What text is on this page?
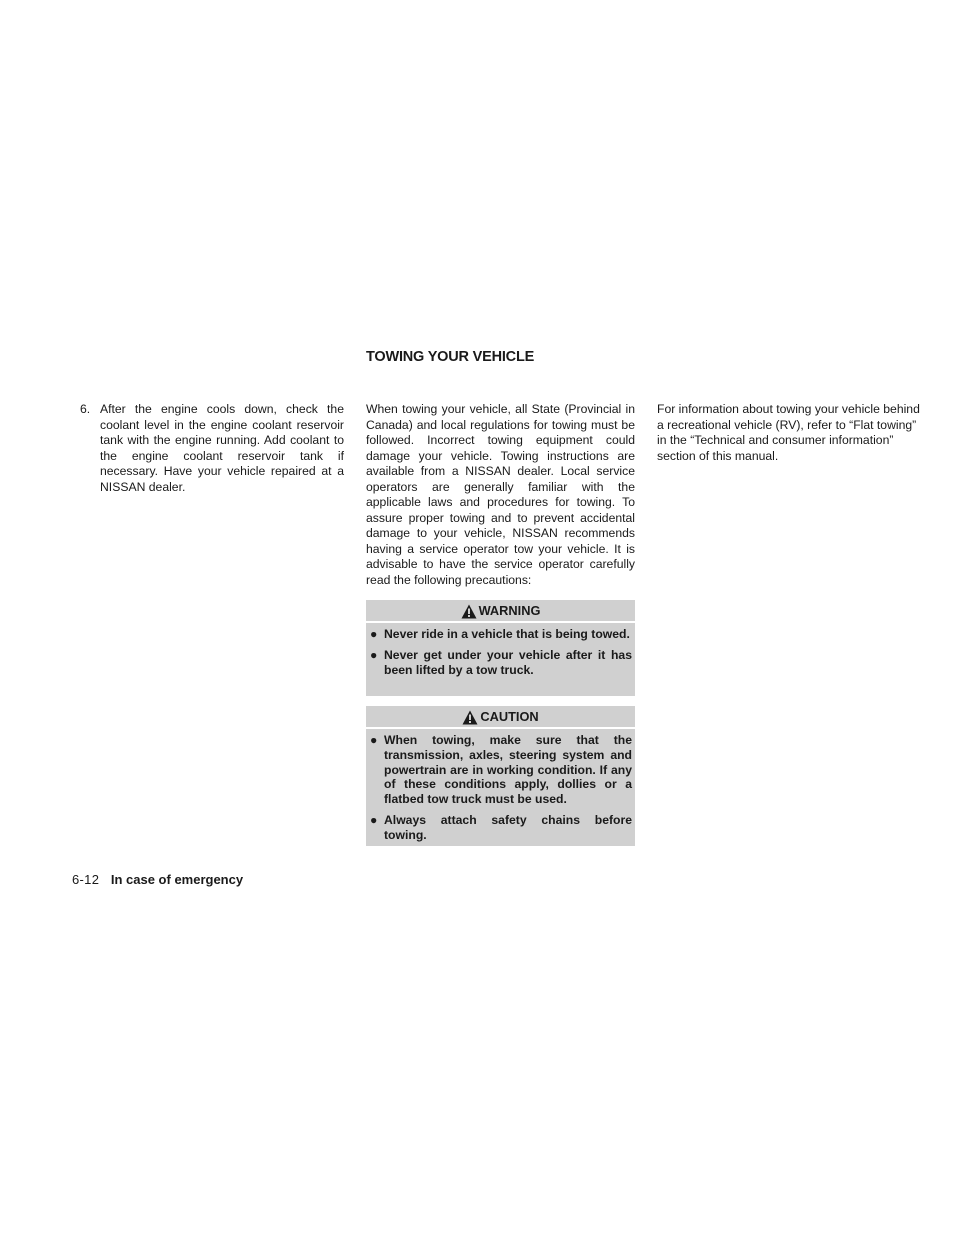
TOWING YOUR VEHICLE
6. After the engine cools down, check the coolant level in the engine coolant reservoir tank with the engine running. Add coolant to the engine coolant reservoir tank if necessary. Have your vehicle repaired at a NISSAN dealer.
When towing your vehicle, all State (Provincial in Canada) and local regulations for towing must be followed. Incorrect towing equipment could damage your vehicle. Towing instructions are available from a NISSAN dealer. Local service operators are generally familiar with the applicable laws and procedures for towing. To assure proper towing and to prevent accidental damage to your vehicle, NISSAN recommends having a service operator tow your vehicle. It is advisable to have the service operator carefully read the following precautions:
WARNING
● Never ride in a vehicle that is being towed.
● Never get under your vehicle after it has been lifted by a tow truck.
CAUTION
● When towing, make sure that the transmission, axles, steering system and powertrain are in working condition. If any of these conditions apply, dollies or a flatbed tow truck must be used.
● Always attach safety chains before towing.
For information about towing your vehicle behind a recreational vehicle (RV), refer to “Flat towing” in the “Technical and consumer information” section of this manual.
6-12 In case of emergency
